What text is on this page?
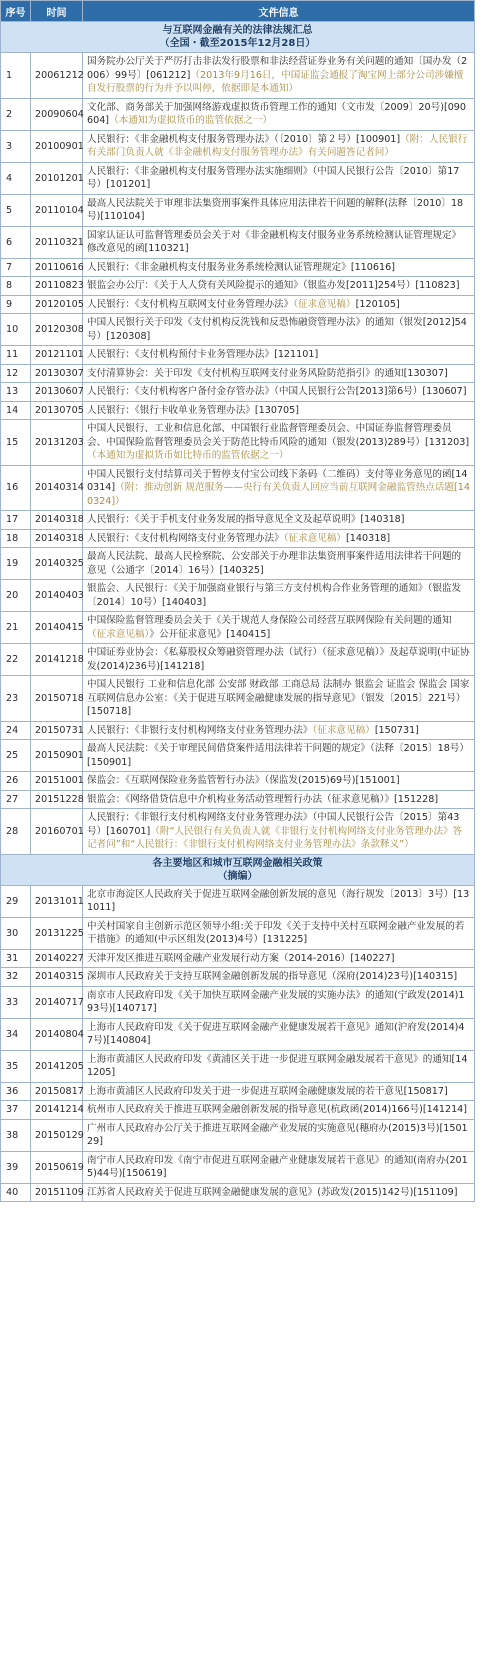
序号	时间	文件信息

与互联网金融有关的法律法规汇总
（全国・截至2015年12月28日）		

1	20061212	国务院办公厅关于严厉打击非法发行股票和非法经营证券业务有关问题的通知〔国办发（2006）99号〕[061212]（2013年9月16日，中国证监会通报了淘宝网上部分公司涉嫌擅自发行股票的行为并予以叫停，依据即是本通知）
2	20090604	文化部、商务部关于加强网络游戏虚拟货币管理工作的通知（文市发〔2009〕20号)[090604]（本通知为虚拟货币的监管依据之一）
3	20100901	人民银行：《非金融机构支付服务管理办法》（〔2010〕第２号）[100901]（附：人民银行有关部门负责人就《非金融机构支付服务管理办法》有关问题答记者问）
4	20101201	人民银行：《非金融机构支付服务管理办法实施细则》（中国人民银行公告〔2010〕第17号）[101201]
5	20110104	最高人民法院关于审理非法集资刑事案件具体应用法律若干问题的解释(法释〔2010〕18号)[110104]
6	20110321	国家认证认可监督管理委员会关于对《非金融机构支付服务业务系统检测认证管理规定》修改意见的函[110321]
7	20110616	人民银行：《非金融机构支付服务业务系统检测认证管理规定》[110616]
8	20110823	银监会办公厅：《关于人人贷有关风险提示的通知》（银监办发[2011]254号）[110823]
9	20120105	人民银行：《支付机构互联网支付业务管理办法》（征求意见稿）[120105]
10	20120308	中国人民银行关于印发《支付机构反洗钱和反恐怖融资管理办法》的通知（银发[2012]54号）[120308]
11	20121101	人民银行：《支付机构预付卡业务管理办法》[121101]
12	20130307	支付清算协会：关于印发《支付机构互联网支付业务风险防范指引》的通知[130307]
13	20130607	人民银行：《支付机构客户备付金存管办法》（中国人民银行公告[2013]第6号）[130607]
14	20130705	人民银行：《银行卡收单业务管理办法》[130705]
15	20131203	中国人民银行、工业和信息化部、中国银行业监督管理委员会、中国证券监督管理委员会、中国保险监督管理委员会关于防范比特币风险的通知（银发(2013)289号）[131203]（本通知为虚拟货币如比特币的监管依据之一）
16	20140314	中国人民银行支付结算司关于暂停支付宝公司线下条码（二维码）支付等业务意见的函[140314]（附：推动创新 规范服务——央行有关负责人回应当前互联网金融监管热点话题[140324]）
17	20140318	人民银行：《关于手机支付业务发展的指导意见全文及起草说明》[140318]
18	20140318	人民银行：《支付机构网络支付业务管理办法》（征求意见稿）[140318]
19	20140325	最高人民法院、最高人民检察院、公安部关于办理非法集资刑事案件适用法律若干问题的意见（公通字〔2014〕16号）[140325]
20	20140403	银监会、人民银行：《关于加强商业银行与第三方支付机构合作业务管理的通知》（银监发〔2014〕10号）[140403]
21	20140415	中国保险监督管理委员会关于《关于规范人身保险公司经营互联网保险有关问题的通知（征求意见稿）》公开征求意见》[140415]
22	20141218	中国证券业协会：《私募股权众筹融资管理办法（试行）（征求意见稿）》及起草说明(中证协发(2014)236号)[141218]
23	20150718	中国人民银行 工业和信息化部 公安部 财政部 工商总局 法制办 银监会 证监会 保监会 国家互联网信息办公室：《关于促进互联网金融健康发展的指导意见》（银发〔2015〕221号）[150718]
24	20150731	人民银行：《非银行支付机构网络支付业务管理办法》（征求意见稿）[150731]
25	20150901	最高人民法院：《关于审理民间借贷案件适用法律若干问题的规定》（法释〔2015〕18号）[150901]
26	20151001	保监会：《互联网保险业务监管暂行办法》（保监发(2015)69号)[151001]
27	20151228	银监会：《网络借贷信息中介机构业务活动管理暂行办法（征求意见稿）》[151228]
28	20160701	人民银行：《非银行支付机构网络支付业务管理办法》（中国人民银行公告〔2015〕第43号）[160701]（附“人民银行有关负责人就《非银行支付机构网络支付业务管理办法》答记者问”和“人民银行：《非银行支付机构网络支付业务管理办法》条款释义”）

各主要地区和城市互联网金融相关政策
（摘编）		

29	20131011	北京市海淀区人民政府关于促进互联网金融创新发展的意见（海行规发〔2013〕3号）[131011]
30	20131225	中关村国家自主创新示范区领导小组:关于印发《关于支持中关村互联网金融产业发展的若干措施》的通知(中示区组发(2013)4号）[131225]
31	20140227	天津开发区推进互联网金融产业发展行动方案（2014-2016）[140227]
32	20140315	深圳市人民政府关于支持互联网金融创新发展的指导意见（深府(2014)23号)[140315]
33	20140717	南京市人民政府印发《关于加快互联网金融产业发展的实施办法》的通知(宁政发(2014)193号)[140717]
34	20140804	上海市人民政府印发《关于促进互联网金融产业健康发展若干意见》通知(沪府发(2014)47号)[140804]
35	20141205	上海市黄浦区人民政府印发《黄浦区关于进一步促进互联网金融发展若干意见》的通知[141205]
36	20150817	上海市黄浦区人民政府印发关于进一步促进互联网金融健康发展的若干意见[150817]
37	20141214	杭州市人民政府关于推进互联网金融创新发展的指导意见(杭政函(2014)166号)[141214]
38	20150129	广州市人民政府办公厅关于推进互联网金融产业发展的实施意见(穗府办(2015)3号)[150129]
39	20150619	南宁市人民政府印发《南宁市促进互联网金融产业健康发展若干意见》的通知(南府办(2015)44号)[150619]
40	20151109	江苏省人民政府关于促进互联网金融健康发展的意见》(苏政发(2015)142号)[151109]
